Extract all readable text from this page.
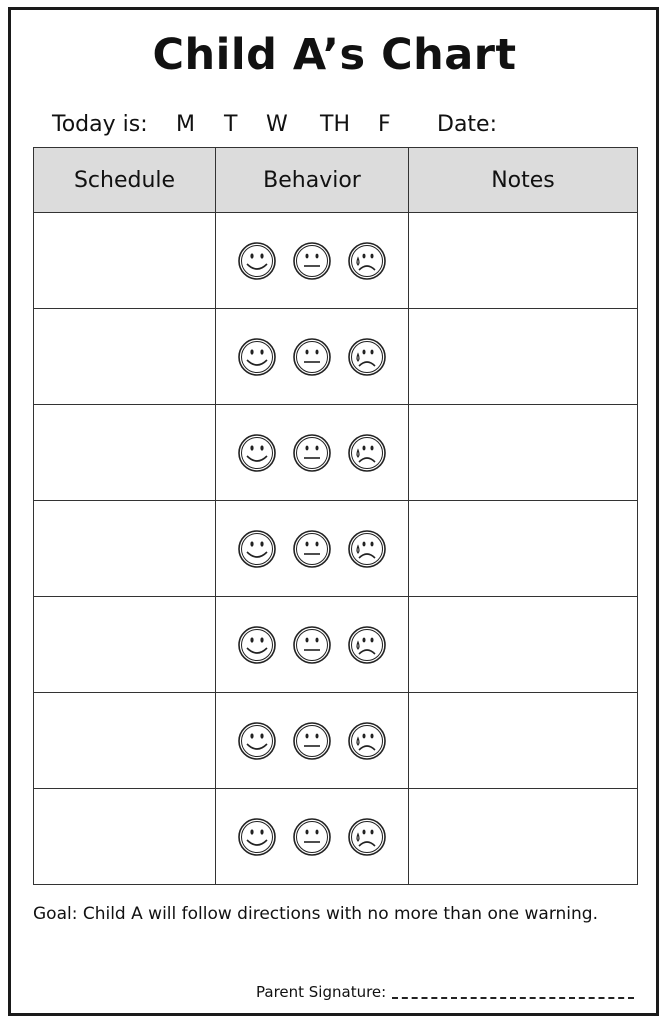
Child A’s Chart
Today is: M T W TH F Date:
Schedule	Behavior	Notes

Goal: Child A will follow directions with no more than one warning.
Parent Signature:
